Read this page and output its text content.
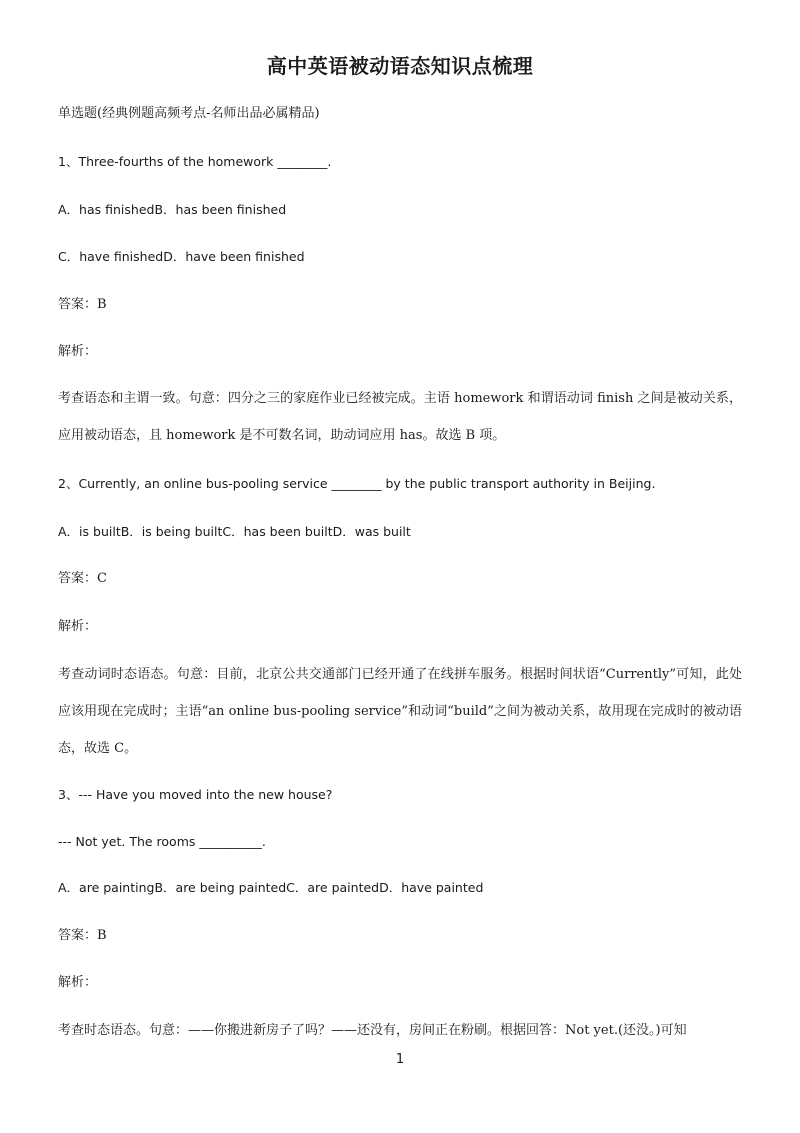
高中英语被动语态知识点梳理
单选题(经典例题高频考点-名师出品必属精品)
1、Three-fourths of the homework ________.
A．has finishedB．has been finished
C．have finishedD．have been finished
答案：B
解析：
考查语态和主谓一致。句意：四分之三的家庭作业已经被完成。主语 homework 和谓语动词 finish 之间是被动关系，应用被动语态，且 homework 是不可数名词，助动词应用 has。故选 B 项。
2、Currently, an online bus-pooling service ________ by the public transport authority in Beijing.
A．is builtB．is being builtC．has been builtD．was built
答案：C
解析：
考查动词时态语态。句意：目前，北京公共交通部门已经开通了在线拼车服务。根据时间状语“Currently”可知，此处应该用现在完成时；主语“an online bus-pooling service”和动词“build”之间为被动关系，故用现在完成时的被动语态，故选 C。
3、--- Have you moved into the new house?
--- Not yet. The rooms __________.
A．are paintingB．are being paintedC．are paintedD．have painted
答案：B
解析：
考查时态语态。句意：——你搬进新房子了吗？——还没有，房间正在粉刷。根据回答：Not yet.(还没。)可知
1
